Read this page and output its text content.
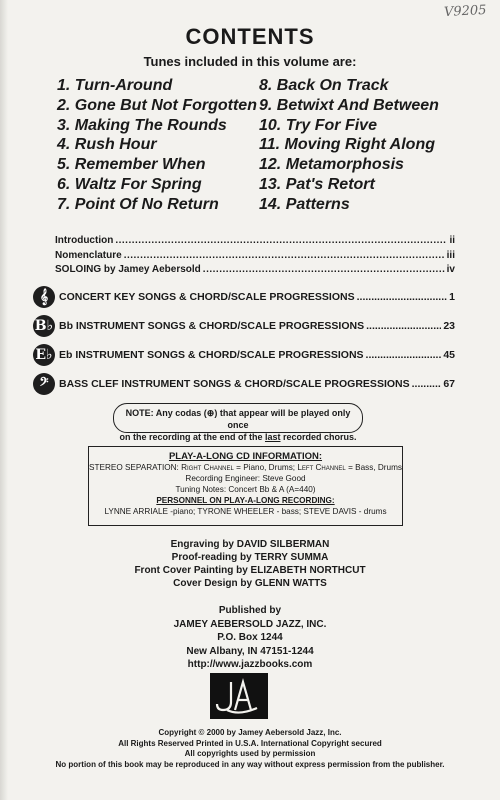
V9205
CONTENTS
Tunes included in this volume are:
1. Turn-Around
2. Gone But Not Forgotten
3. Making The Rounds
4. Rush Hour
5. Remember When
6. Waltz For Spring
7. Point Of No Return
8. Back On Track
9. Betwixt And Between
10. Try For Five
11. Moving Right Along
12. Metamorphosis
13. Pat's Retort
14. Patterns
Introduction .....	ii
Nomenclature .....	iii
SOLOING by Jamey Aebersold .....	iv
𝄞	CONCERT KEY SONGS & CHORD/SCALE PROGRESSIONS .....	1
B♭ Bb INSTRUMENT SONGS & CHORD/SCALE PROGRESSIONS .....	23
E♭ Eb INSTRUMENT SONGS & CHORD/SCALE PROGRESSIONS .....	45
𝄢	BASS CLEF INSTRUMENT SONGS & CHORD/SCALE PROGRESSIONS .....	67
NOTE: Any codas (⊕) that appear will be played only once
on the recording at the end of the last recorded chorus.
PLAY-A-LONG CD INFORMATION:
STEREO SEPARATION: Right Channel = Piano, Drums; Left Channel = Bass, Drums
Recording Engineer: Steve Good
Tuning Notes: Concert Bb & A (A=440)
PERSONNEL ON PLAY-A-LONG RECORDING:
LYNNE ARRIALE -piano; TYRONE WHEELER - bass; STEVE DAVIS - drums
Engraving by DAVID SILBERMAN
Proof-reading by TERRY SUMMA
Front Cover Painting by ELIZABETH NORTHCUT
Cover Design by GLENN WATTS
Published by
JAMEY AEBERSOLD JAZZ, INC.
P.O. Box 1244
New Albany, IN 47151-1244
http://www.jazzbooks.com
Copyright © 2000 by Jamey Aebersold Jazz, Inc.
All Rights Reserved Printed in U.S.A. International Copyright secured
All copyrights used by permission
No portion of this book may be reproduced in any way without express permission from the publisher.
